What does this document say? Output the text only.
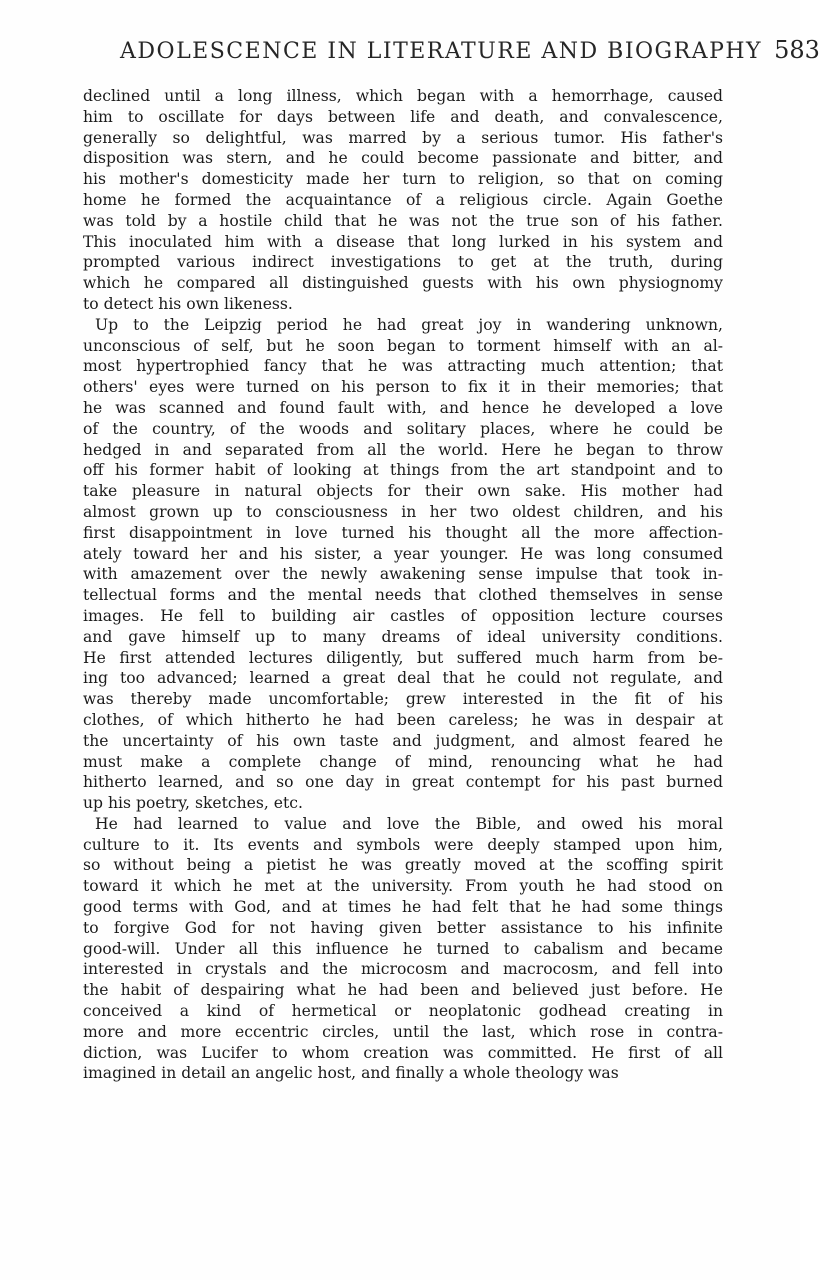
ADOLESCENCE IN LITERATURE AND BIOGRAPHY 583
declined until a long illness, which began with a hemorrhage, caused
him to oscillate for days between life and death, and convalescence,
generally so delightful, was marred by a serious tumor. His father's
disposition was stern, and he could become passionate and bitter, and
his mother's domesticity made her turn to religion, so that on coming
home he formed the acquaintance of a religious circle. Again Goethe
was told by a hostile child that he was not the true son of his father.
This inoculated him with a disease that long lurked in his system and
prompted various indirect investigations to get at the truth, during
which he compared all distinguished guests with his own physiognomy
to detect his own likeness.
Up to the Leipzig period he had great joy in wandering unknown,
unconscious of self, but he soon began to torment himself with an al-
most hypertrophied fancy that he was attracting much attention; that
others' eyes were turned on his person to fix it in their memories; that
he was scanned and found fault with, and hence he developed a love
of the country, of the woods and solitary places, where he could be
hedged in and separated from all the world. Here he began to throw
off his former habit of looking at things from the art standpoint and to
take pleasure in natural objects for their own sake. His mother had
almost grown up to consciousness in her two oldest children, and his
first disappointment in love turned his thought all the more affection-
ately toward her and his sister, a year younger. He was long consumed
with amazement over the newly awakening sense impulse that took in-
tellectual forms and the mental needs that clothed themselves in sense
images. He fell to building air castles of opposition lecture courses
and gave himself up to many dreams of ideal university conditions.
He first attended lectures diligently, but suffered much harm from be-
ing too advanced; learned a great deal that he could not regulate, and
was thereby made uncomfortable; grew interested in the fit of his
clothes, of which hitherto he had been careless; he was in despair at
the uncertainty of his own taste and judgment, and almost feared he
must make a complete change of mind, renouncing what he had
hitherto learned, and so one day in great contempt for his past burned
up his poetry, sketches, etc.
He had learned to value and love the Bible, and owed his moral
culture to it. Its events and symbols were deeply stamped upon him,
so without being a pietist he was greatly moved at the scoffing spirit
toward it which he met at the university. From youth he had stood on
good terms with God, and at times he had felt that he had some things
to forgive God for not having given better assistance to his infinite
good-will. Under all this influence he turned to cabalism and became
interested in crystals and the microcosm and macrocosm, and fell into
the habit of despairing what he had been and believed just before. He
conceived a kind of hermetical or neoplatonic godhead creating in
more and more eccentric circles, until the last, which rose in contra-
diction, was Lucifer to whom creation was committed. He first of all
imagined in detail an angelic host, and finally a whole theology was
